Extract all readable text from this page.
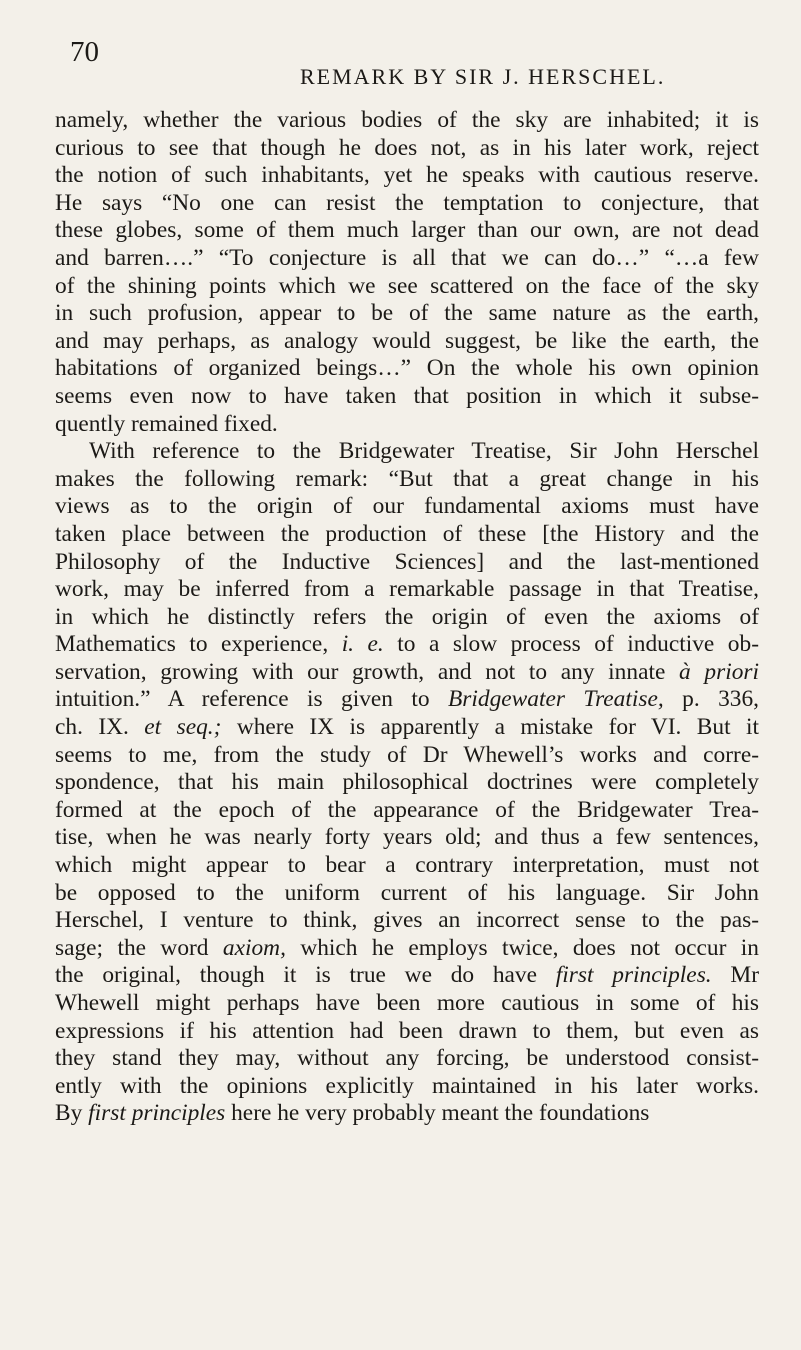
70
REMARK BY SIR J. HERSCHEL.
namely, whether the various bodies of the sky are inhabited; it is
curious to see that though he does not, as in his later work, reject
the notion of such inhabitants, yet he speaks with cautious reserve.
He says “No one can resist the temptation to conjecture, that
these globes, some of them much larger than our own, are not dead
and barren….” “To conjecture is all that we can do…” “…a few
of the shining points which we see scattered on the face of the sky
in such profusion, appear to be of the same nature as the earth,
and may perhaps, as analogy would suggest, be like the earth, the
habitations of organized beings…” On the whole his own opinion
seems even now to have taken that position in which it subse-
quently remained fixed.
With reference to the Bridgewater Treatise, Sir John Herschel
makes the following remark: “But that a great change in his
views as to the origin of our fundamental axioms must have
taken place between the production of these [the History and the
Philosophy of the Inductive Sciences] and the last-mentioned
work, may be inferred from a remarkable passage in that Treatise,
in which he distinctly refers the origin of even the axioms of
Mathematics to experience, i. e. to a slow process of inductive ob-
servation, growing with our growth, and not to any innate à priori
intuition.” A reference is given to Bridgewater Treatise, p. 336,
ch. IX. et seq.; where IX is apparently a mistake for VI. But it
seems to me, from the study of Dr Whewell’s works and corre-
spondence, that his main philosophical doctrines were completely
formed at the epoch of the appearance of the Bridgewater Trea-
tise, when he was nearly forty years old; and thus a few sentences,
which might appear to bear a contrary interpretation, must not
be opposed to the uniform current of his language. Sir John
Herschel, I venture to think, gives an incorrect sense to the pas-
sage; the word axiom, which he employs twice, does not occur in
the original, though it is true we do have first principles. Mr
Whewell might perhaps have been more cautious in some of his
expressions if his attention had been drawn to them, but even as
they stand they may, without any forcing, be understood consist-
ently with the opinions explicitly maintained in his later works.
By first principles here he very probably meant the foundations
